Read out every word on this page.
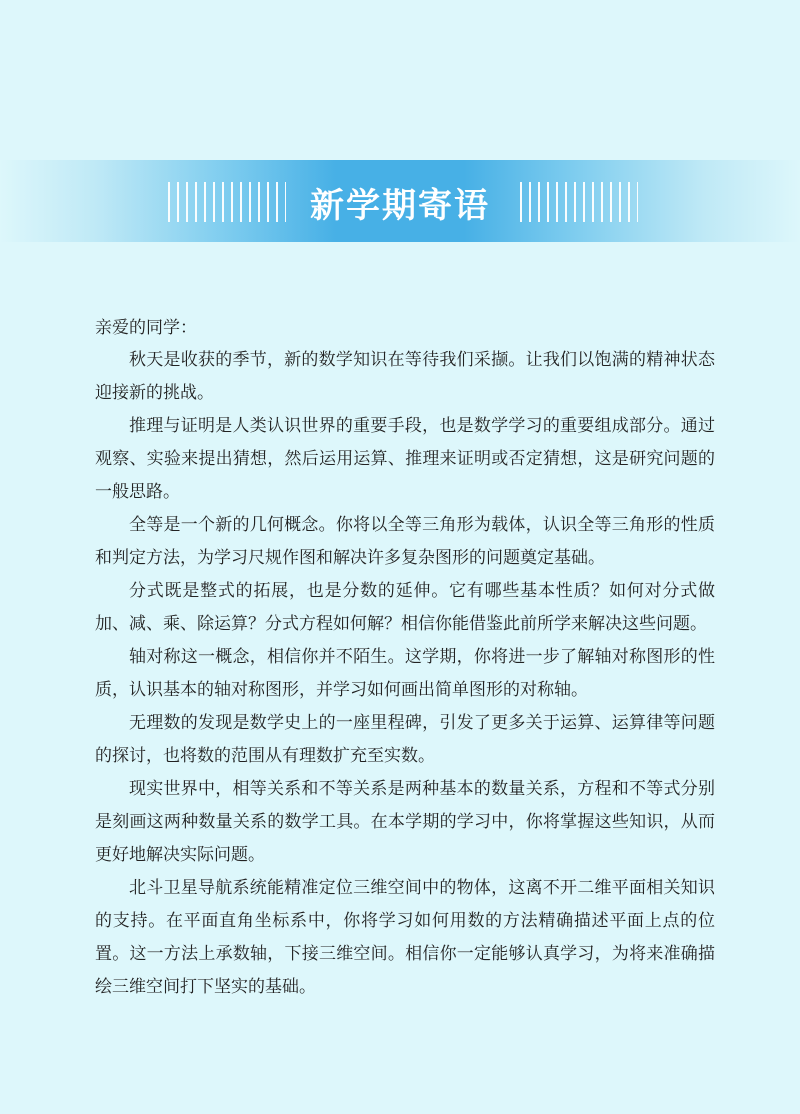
新学期寄语

亲爱的同学：

秋天是收获的季节，新的数学知识在等待我们采撷。让我们以饱满的精神状态迎接新的挑战。

推理与证明是人类认识世界的重要手段，也是数学学习的重要组成部分。通过观察、实验来提出猜想，然后运用运算、推理来证明或否定猜想，这是研究问题的一般思路。

全等是一个新的几何概念。你将以全等三角形为载体，认识全等三角形的性质和判定方法，为学习尺规作图和解决许多复杂图形的问题奠定基础。

分式既是整式的拓展，也是分数的延伸。它有哪些基本性质？如何对分式做加、减、乘、除运算？分式方程如何解？相信你能借鉴此前所学来解决这些问题。

轴对称这一概念，相信你并不陌生。这学期，你将进一步了解轴对称图形的性质，认识基本的轴对称图形，并学习如何画出简单图形的对称轴。

无理数的发现是数学史上的一座里程碑，引发了更多关于运算、运算律等问题的探讨，也将数的范围从有理数扩充至实数。

现实世界中，相等关系和不等关系是两种基本的数量关系，方程和不等式分别是刻画这两种数量关系的数学工具。在本学期的学习中，你将掌握这些知识，从而更好地解决实际问题。

北斗卫星导航系统能精准定位三维空间中的物体，这离不开二维平面相关知识的支持。在平面直角坐标系中，你将学习如何用数的方法精确描述平面上点的位置。这一方法上承数轴，下接三维空间。相信你一定能够认真学习，为将来准确描绘三维空间打下坚实的基础。
